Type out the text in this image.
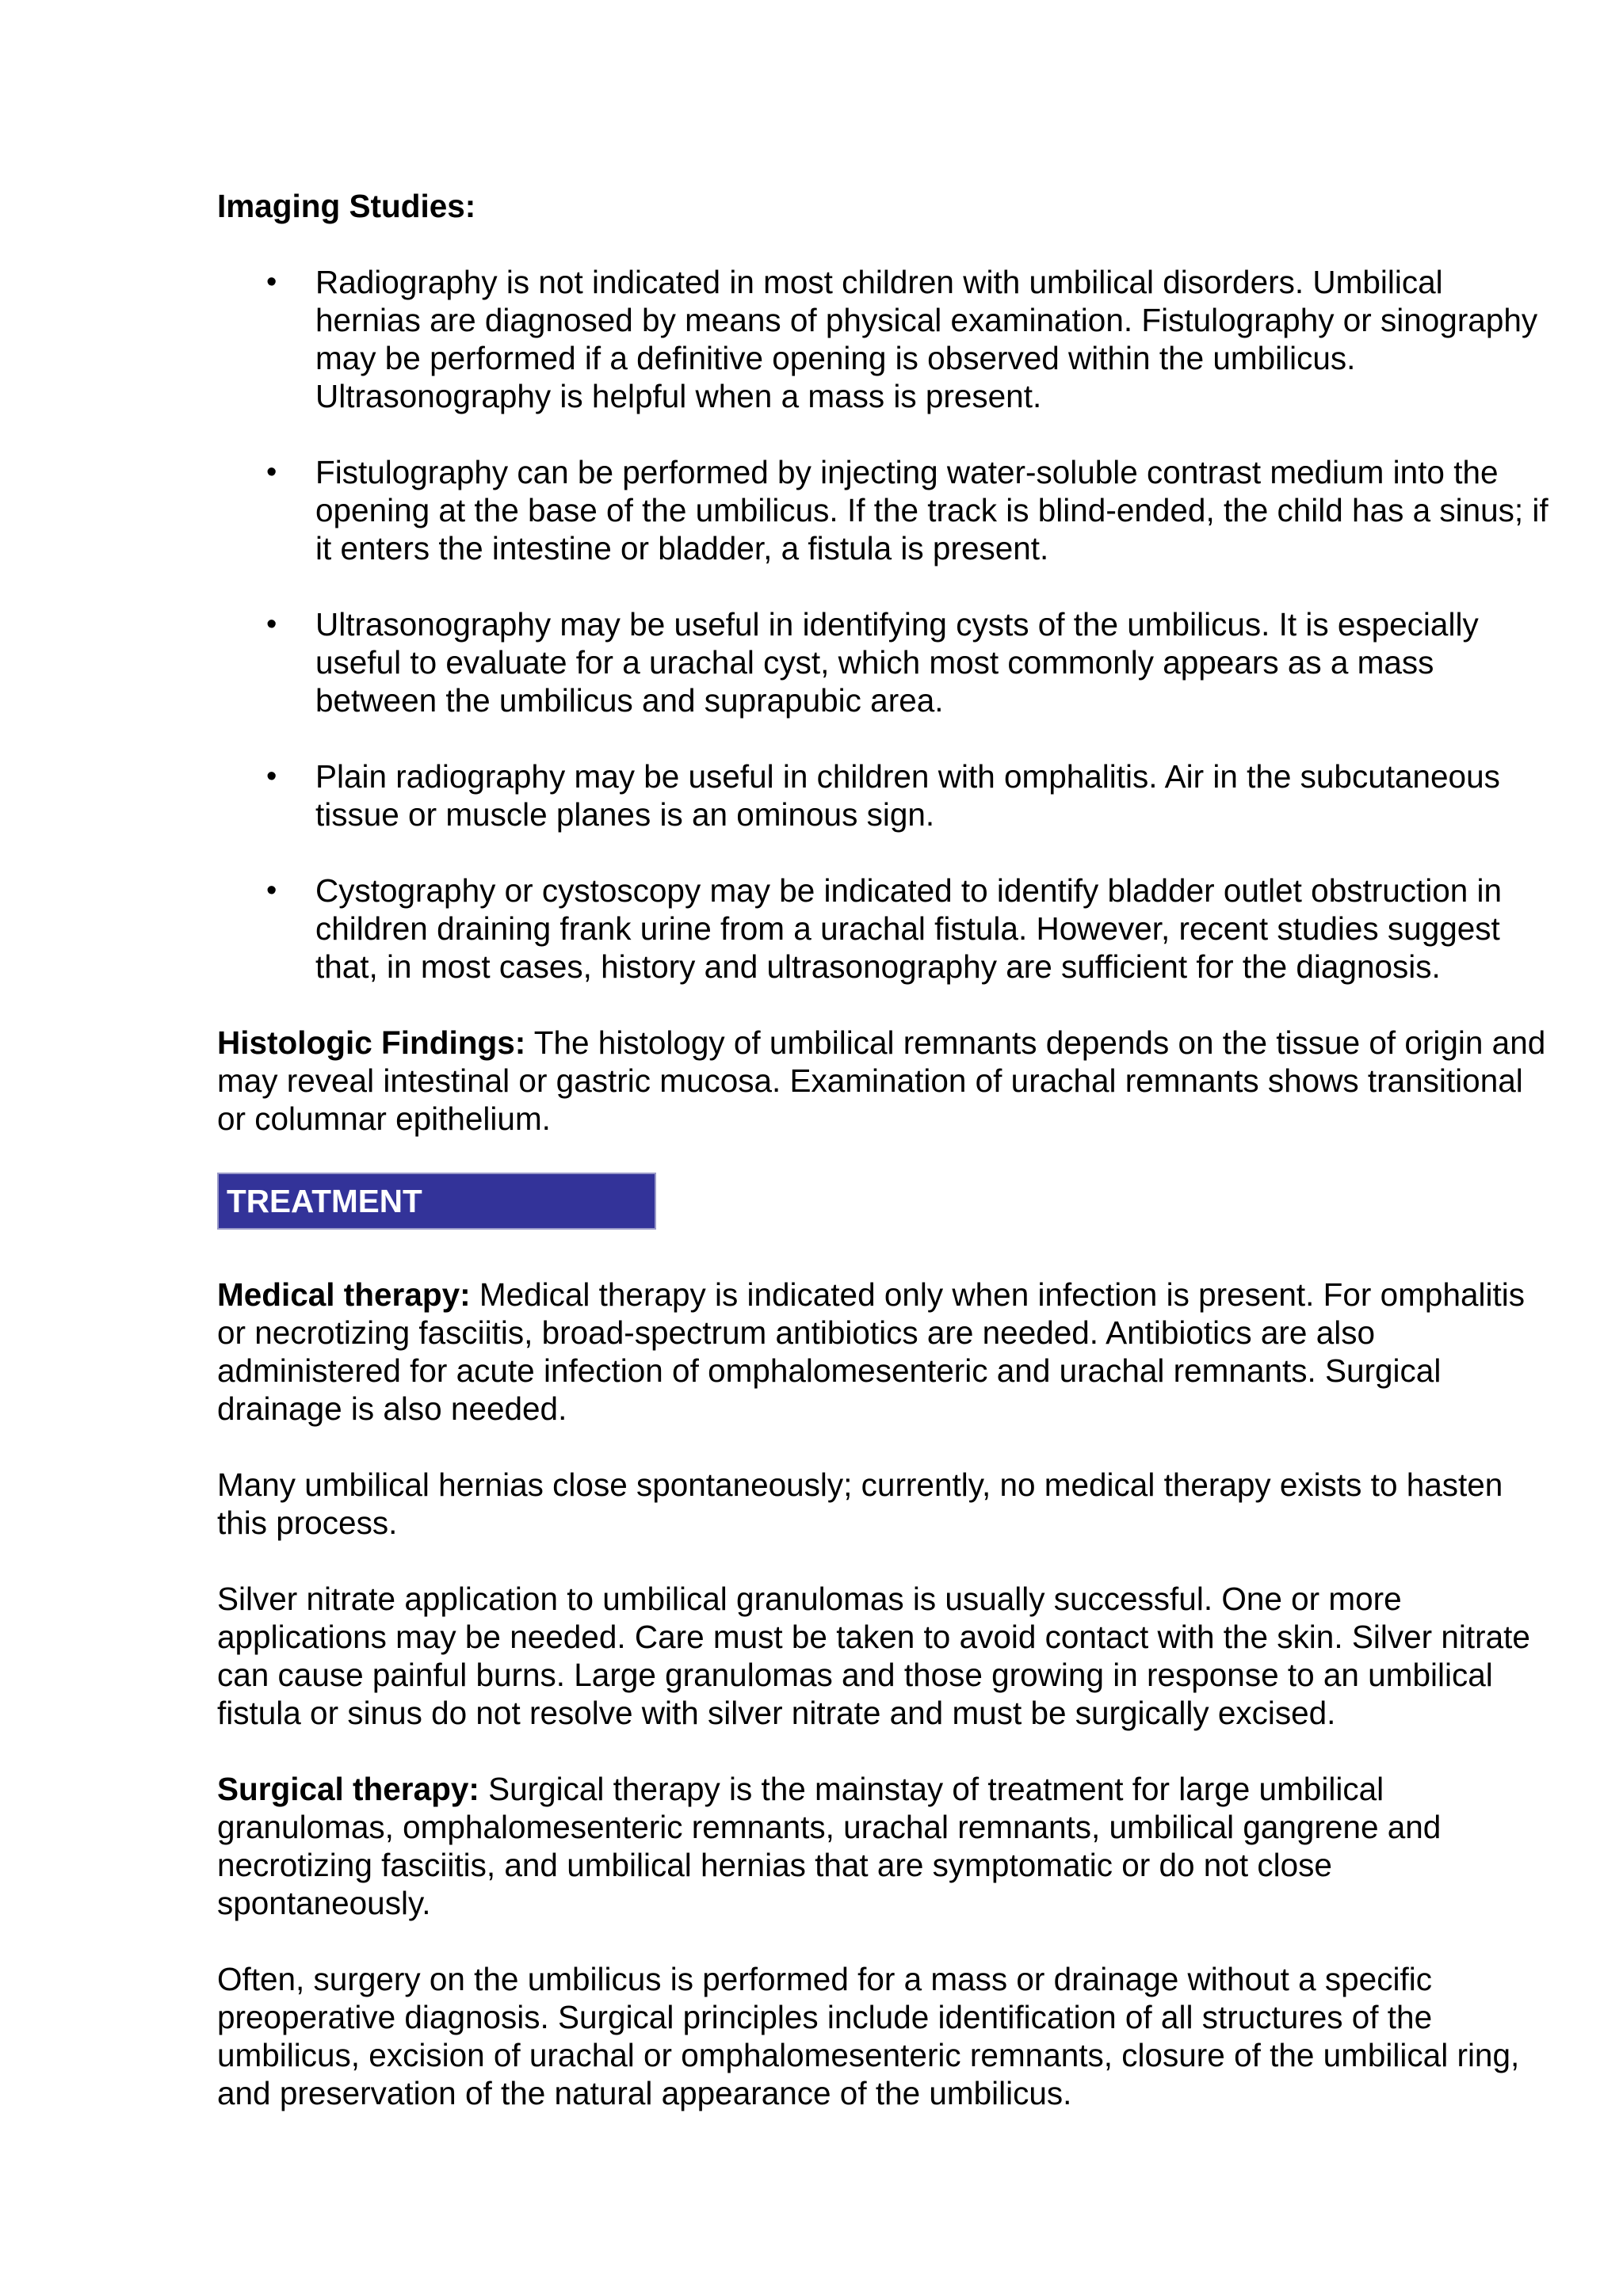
Imaging Studies:

• Radiography is not indicated in most children with umbilical disorders. Umbilical hernias are diagnosed by means of physical examination. Fistulography or sinography may be performed if a definitive opening is observed within the umbilicus. Ultrasonography is helpful when a mass is present.
• Fistulography can be performed by injecting water-soluble contrast medium into the opening at the base of the umbilicus. If the track is blind-ended, the child has a sinus; if it enters the intestine or bladder, a fistula is present.
• Ultrasonography may be useful in identifying cysts of the umbilicus. It is especially useful to evaluate for a urachal cyst, which most commonly appears as a mass between the umbilicus and suprapubic area.
• Plain radiography may be useful in children with omphalitis. Air in the subcutaneous tissue or muscle planes is an ominous sign.
• Cystography or cystoscopy may be indicated to identify bladder outlet obstruction in children draining frank urine from a urachal fistula. However, recent studies suggest that, in most cases, history and ultrasonography are sufficient for the diagnosis.

Histologic Findings: The histology of umbilical remnants depends on the tissue of origin and may reveal intestinal or gastric mucosa. Examination of urachal remnants shows transitional or columnar epithelium.

TREATMENT

Medical therapy: Medical therapy is indicated only when infection is present. For omphalitis or necrotizing fasciitis, broad-spectrum antibiotics are needed. Antibiotics are also administered for acute infection of omphalomesenteric and urachal remnants. Surgical drainage is also needed.

Many umbilical hernias close spontaneously; currently, no medical therapy exists to hasten this process.

Silver nitrate application to umbilical granulomas is usually successful. One or more applications may be needed. Care must be taken to avoid contact with the skin. Silver nitrate can cause painful burns. Large granulomas and those growing in response to an umbilical fistula or sinus do not resolve with silver nitrate and must be surgically excised.

Surgical therapy: Surgical therapy is the mainstay of treatment for large umbilical granulomas, omphalomesenteric remnants, urachal remnants, umbilical gangrene and necrotizing fasciitis, and umbilical hernias that are symptomatic or do not close spontaneously.

Often, surgery on the umbilicus is performed for a mass or drainage without a specific preoperative diagnosis. Surgical principles include identification of all structures of the umbilicus, excision of urachal or omphalomesenteric remnants, closure of the umbilical ring, and preservation of the natural appearance of the umbilicus.
